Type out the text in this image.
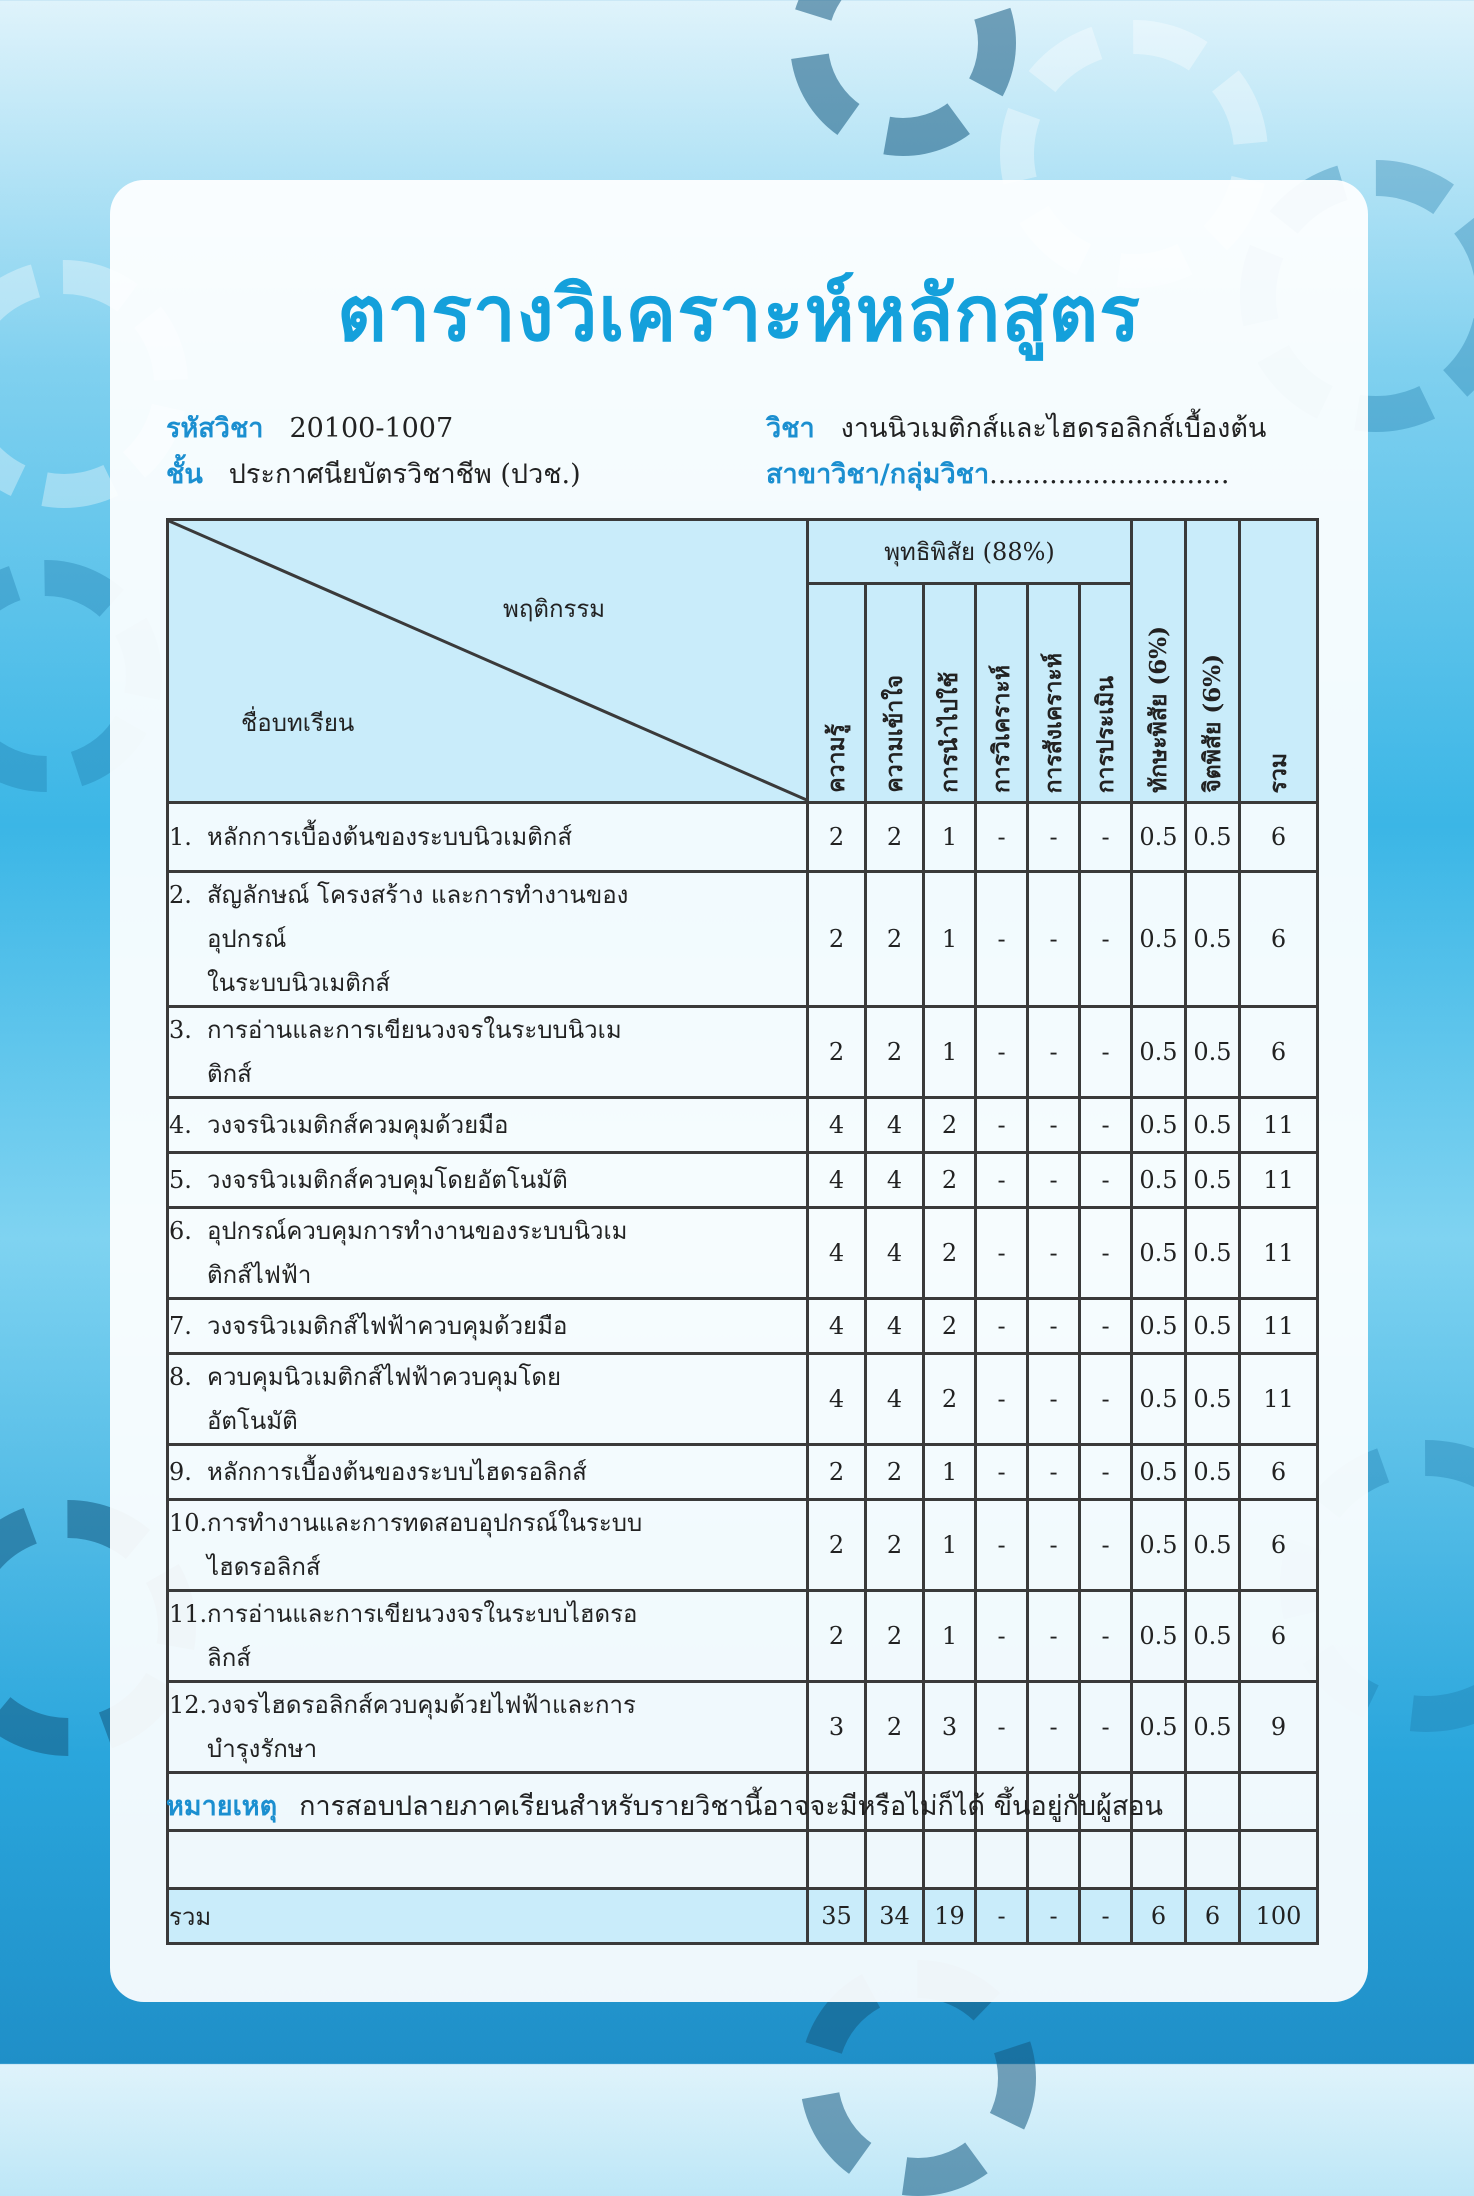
ตารางวิเคราะห์หลักสูตร
รหัสวิชา 20100-1007	วิชา งานนิวเมติกส์และไฮดรอลิกส์เบื้องต้น
ชั้น ประกาศนียบัตรวิชาชีพ (ปวช.)	สาขาวิชา/กลุ่มวิชา............................
พฤติกรรม
ชื่อบทเรียน	พุทธิพิสัย (88%)						ทักษะพิสัย (6%)	จิตพิสัย (6%)	รวม

	ความรู้	ความเข้าใจ	การนำไปใช้	การวิเคราะห์	การสังเคราะห์	การประเมิน			

1. หลักการเบื้องต้นของระบบนิวเมติกส์	2	2	1	-	-	-	0.5	0.5	6
2. สัญลักษณ์ โครงสร้าง และการทำงานของอุปกรณ์
ในระบบนิวเมติกส์	2	2	1	-	-	-	0.5	0.5	6
3. การอ่านและการเขียนวงจรในระบบนิวเมติกส์	2	2	1	-	-	-	0.5	0.5	6
4. วงจรนิวเมติกส์ควมคุมด้วยมือ	4	4	2	-	-	-	0.5	0.5	11
5. วงจรนิวเมติกส์ควบคุมโดยอัตโนมัติ	4	4	2	-	-	-	0.5	0.5	11
6. อุปกรณ์ควบคุมการทำงานของระบบนิวเมติกส์ไฟฟ้า	4	4	2	-	-	-	0.5	0.5	11
7. วงจรนิวเมติกส์ไฟฟ้าควบคุมด้วยมือ	4	4	2	-	-	-	0.5	0.5	11
8. ควบคุมนิวเมติกส์ไฟฟ้าควบคุมโดยอัตโนมัติ	4	4	2	-	-	-	0.5	0.5	11
9. หลักการเบื้องต้นของระบบไฮดรอลิกส์	2	2	1	-	-	-	0.5	0.5	6
10.การทำงานและการทดสอบอุปกรณ์ในระบบไฮดรอลิกส์	2	2	1	-	-	-	0.5	0.5	6
11.การอ่านและการเขียนวงจรในระบบไฮดรอลิกส์	2	2	1	-	-	-	0.5	0.5	6
12.วงจรไฮดรอลิกส์ควบคุมด้วยไฟฟ้าและการบำรุงรักษา	3	2	3	-	-	-	0.5	0.5	9

รวม	35	34	19	-	-	-	6	6	100
หมายเหตุ การสอบปลายภาคเรียนสำหรับรายวิชานี้อาจจะมีหรือไม่ก็ได้ ขึ้นอยู่กับผู้สอน
